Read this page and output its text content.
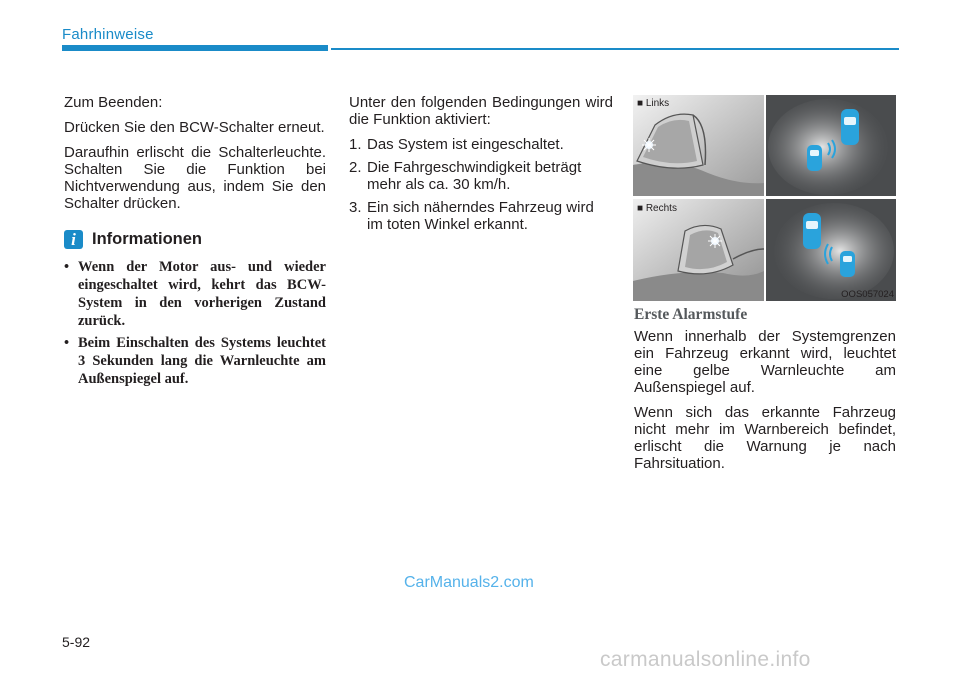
Fahrhinweise

Zum Beenden:

Drücken Sie den BCW-Schalter erneut.

Daraufhin erlischt die Schalterleuchte. Schalten Sie die Funktion bei Nichtverwendung aus, indem Sie den Schalter drücken.

i Informationen
• Wenn der Motor aus- und wieder eingeschaltet wird, kehrt das BCW-System in den vorherigen Zustand zurück.
• Beim Einschalten des Systems leuchtet 3 Sekunden lang die Warnleuchte am Außenspiegel auf.

Unter den folgenden Bedingungen wird die Funktion aktiviert:

1. Das System ist eingeschaltet.
2. Die Fahrgeschwindigkeit beträgt mehr als ca. 30 km/h.
3. Ein sich näherndes Fahrzeug wird im toten Winkel erkannt.
■ Links
■ Rechts
OOS057024
Erste Alarmstufe

Wenn innerhalb der Systemgrenzen ein Fahrzeug erkannt wird, leuchtet eine gelbe Warnleuchte am Außenspiegel auf.

Wenn sich das erkannte Fahrzeug nicht mehr im Warnbereich befindet, erlischt die Warnung je nach Fahrsituation.

CarManuals2.com
5-92
carmanualsonline.info
